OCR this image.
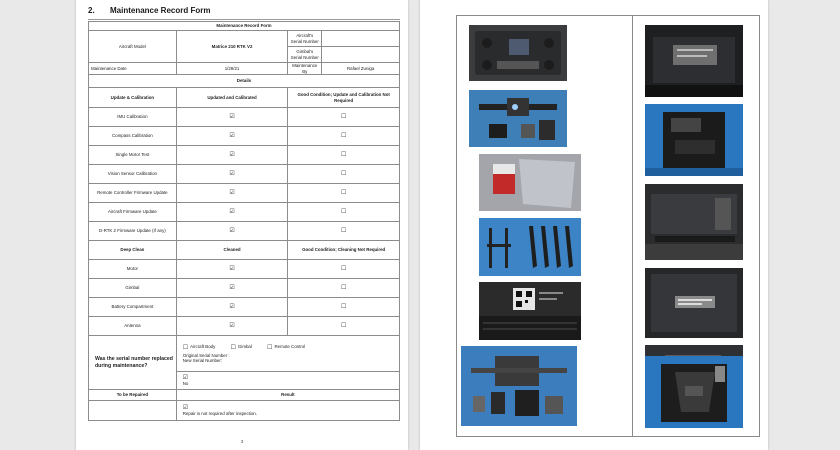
2. Maintenance Record Form
Maintenance Record Form			
Aircraft Model	Matrice 210 RTK V2	Aircraft's Serial Number	
		Gimbal's Serial Number	
Maintenance Date	1/29/21	Maintenance By	Rafael Zuniga
Details			
Update & Calibration	Updated and Calibrated	Good Condition; Update and Calibration Not Required	
IMU Calibration	☑	☐	
Compass Calibration	☑	☐	
Single Motor Test	☑	☐	
Vision Sensor Calibration	☑	☐	
Remote Controller Firmware Update	☑	☐	
Aircraft Firmware Update	☑	☐	
D-RTK 2 Firmware Update (If any)	☑	☐	
Deep Clean	Cleaned	Good Condition; Cleaning Not Required	
Motor	☑	☐	
Gimbal	☑	☐	
Battery Compartment	☑	☐	
Antenna	☑	☐	
Was the serial number replaced during maintenance?	☐ Aircraft Body ☐ Gimbal ☐ Remote Control
Original Serial Number :
New Serial Number:		

	☑
No		

To be Repaired	Result		

	☑
Repair is not required after inspection.		
3
